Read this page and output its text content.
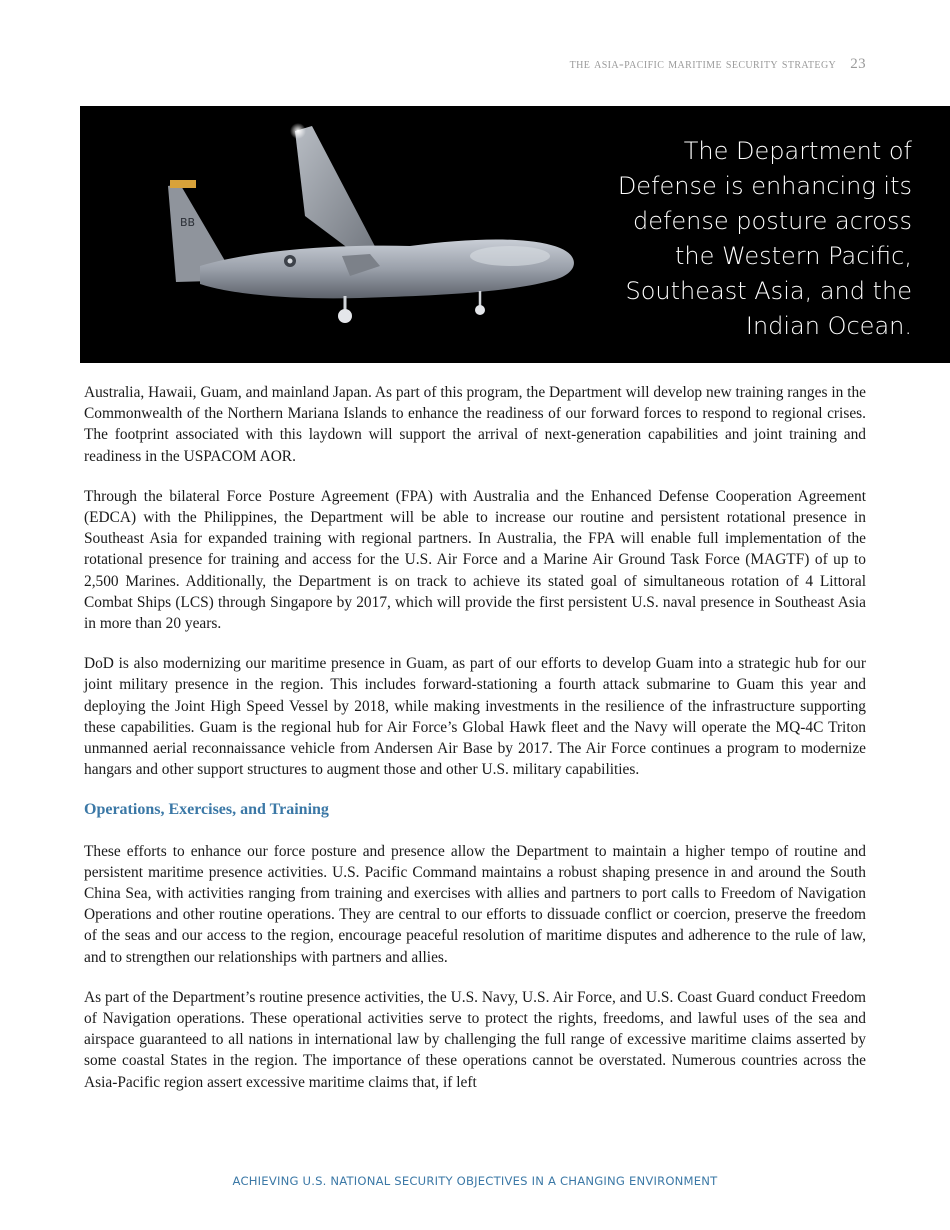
the asia-pacific maritime security strategy 23
BB
The Department of Defense is enhancing its defense posture across the Western Pacific, Southeast Asia, and the Indian Ocean.

Australia, Hawaii, Guam, and mainland Japan. As part of this program, the Department will develop new training ranges in the Commonwealth of the Northern Mariana Islands to enhance the readiness of our forward forces to respond to regional crises. The footprint associated with this laydown will support the arrival of next-generation capabilities and joint training and readiness in the USPACOM AOR.

Through the bilateral Force Posture Agreement (FPA) with Australia and the Enhanced Defense Cooperation Agreement (EDCA) with the Philippines, the Department will be able to increase our routine and persistent rotational presence in Southeast Asia for expanded training with regional partners. In Australia, the FPA will enable full implementation of the rotational presence for training and access for the U.S. Air Force and a Marine Air Ground Task Force (MAGTF) of up to 2,500 Marines. Additionally, the Department is on track to achieve its stated goal of simultaneous rotation of 4 Littoral Combat Ships (LCS) through Singapore by 2017, which will provide the first persistent U.S. naval presence in Southeast Asia in more than 20 years.

DoD is also modernizing our maritime presence in Guam, as part of our efforts to develop Guam into a strategic hub for our joint military presence in the region. This includes forward-stationing a fourth attack submarine to Guam this year and deploying the Joint High Speed Vessel by 2018, while making investments in the resilience of the infrastructure supporting these capabilities. Guam is the regional hub for Air Force’s Global Hawk fleet and the Navy will operate the MQ-4C Triton unmanned aerial reconnaissance vehicle from Andersen Air Base by 2017. The Air Force continues a program to modernize hangars and other support structures to augment those and other U.S. military capabilities.

Operations, Exercises, and Training

These efforts to enhance our force posture and presence allow the Department to maintain a higher tempo of routine and persistent maritime presence activities. U.S. Pacific Command maintains a robust shaping presence in and around the South China Sea, with activities ranging from training and exercises with allies and partners to port calls to Freedom of Navigation Operations and other routine operations. They are central to our efforts to dissuade conflict or coercion, preserve the freedom of the seas and our access to the region, encourage peaceful resolution of maritime disputes and adherence to the rule of law, and to strengthen our relationships with partners and allies.

As part of the Department’s routine presence activities, the U.S. Navy, U.S. Air Force, and U.S. Coast Guard conduct Freedom of Navigation operations. These operational activities serve to protect the rights, freedoms, and lawful uses of the sea and airspace guaranteed to all nations in international law by challenging the full range of excessive maritime claims asserted by some coastal States in the region. The importance of these operations cannot be overstated. Numerous countries across the Asia-Pacific region assert excessive maritime claims that, if left

ACHIEVING U.S. NATIONAL SECURITY OBJECTIVES IN A CHANGING ENVIRONMENT
